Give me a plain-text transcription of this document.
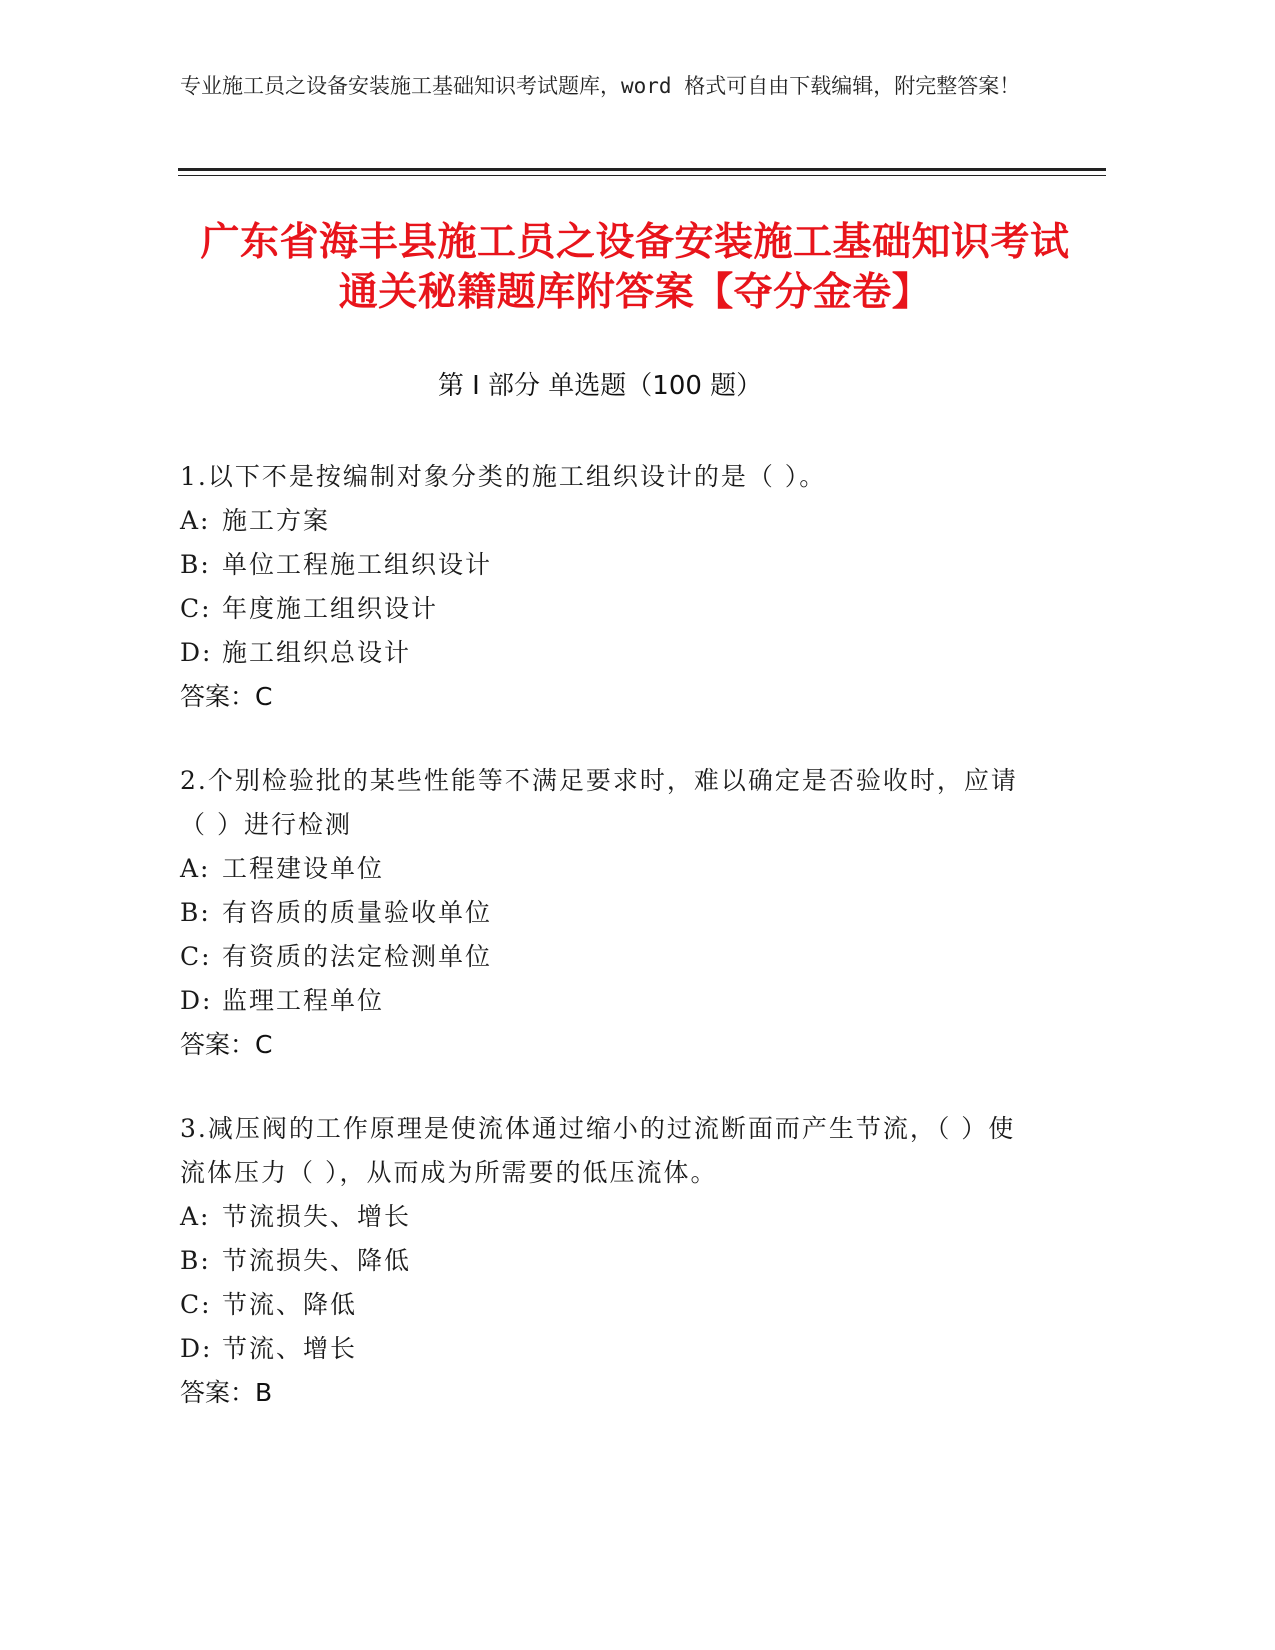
专业施工员之设备安装施工基础知识考试题库，word 格式可自由下载编辑，附完整答案！
广东省海丰县施工员之设备安装施工基础知识考试通关秘籍题库附答案【夺分金卷】
第 I 部分 单选题（100 题）
1.以下不是按编制对象分类的施工组织设计的是（ ）。
A: 施工方案
B: 单位工程施工组织设计
C: 年度施工组织设计
D: 施工组织总设计
答案：C
2.个别检验批的某些性能等不满足要求时，难以确定是否验收时，应请（ ）进行检测
A: 工程建设单位
B: 有咨质的质量验收单位
C: 有资质的法定检测单位
D: 监理工程单位
答案：C
3.减压阀的工作原理是使流体通过缩小的过流断面而产生节流，（ ）使流体压力（ ），从而成为所需要的低压流体。
A: 节流损失、增长
B: 节流损失、降低
C: 节流、降低
D: 节流、增长
答案：B
